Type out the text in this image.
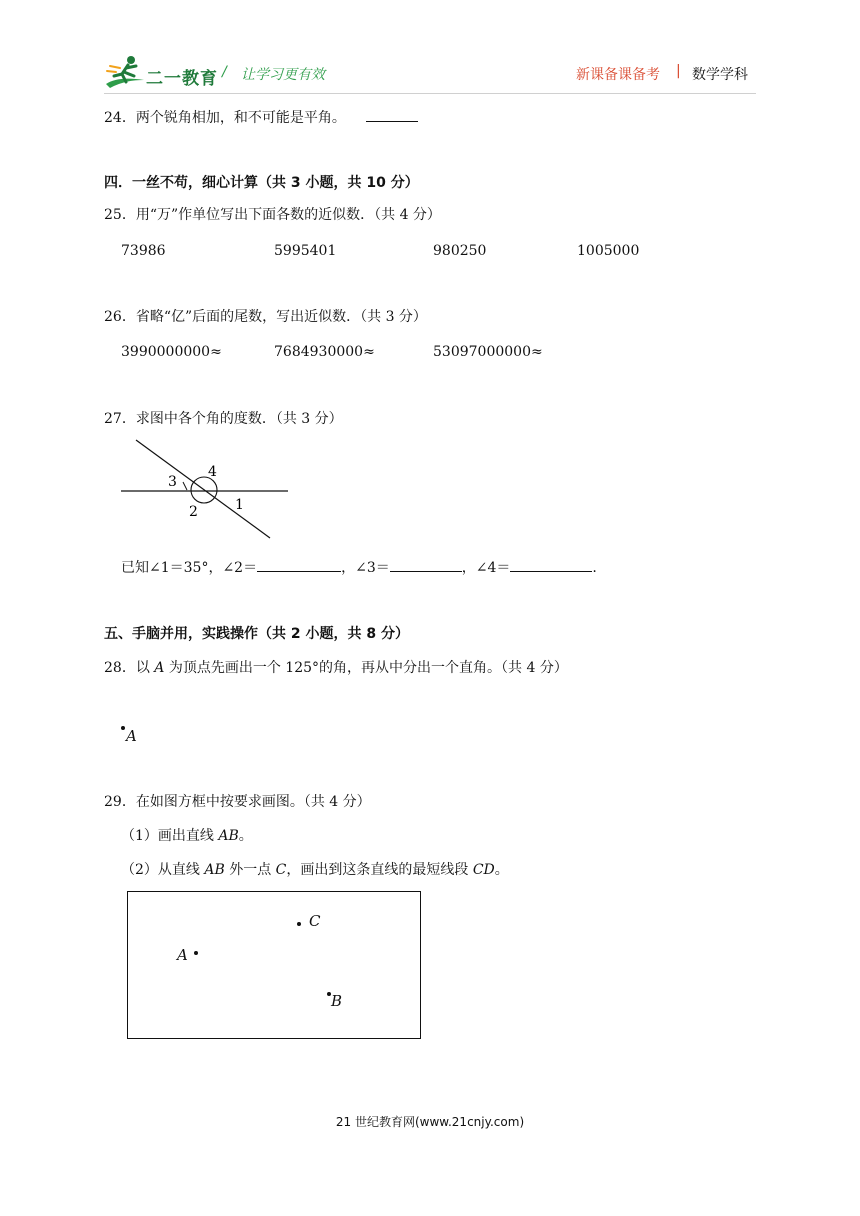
二一教育 / 让学习更有效	新课备课备考 | 数学学科
24．两个锐角相加，和不可能是平角。
四．一丝不苟，细心计算（共 3 小题，共 10 分）
25．用“万”作单位写出下面各数的近似数．（共 4 分）
73986	5995401	980250	1005000
26．省略“亿”后面的尾数，写出近似数．（共 3 分）
3990000000≈	7684930000≈	53097000000≈
27．求图中各个角的度数．（共 3 分）
3
4
1
2
已知∠1＝35°，∠2＝	，∠3＝	，∠4＝	.
五、手脑并用，实践操作（共 2 小题，共 8 分）
28．以 A 为顶点先画出一个 125°的角，再从中分出一个直角。（共 4 分）
A
29．在如图方框中按要求画图。（共 4 分）
（1）画出直线 AB。
（2）从直线 AB 外一点 C，画出到这条直线的最短线段 CD。
C
A
B
21 世纪教育网(www.21cnjy.com)
